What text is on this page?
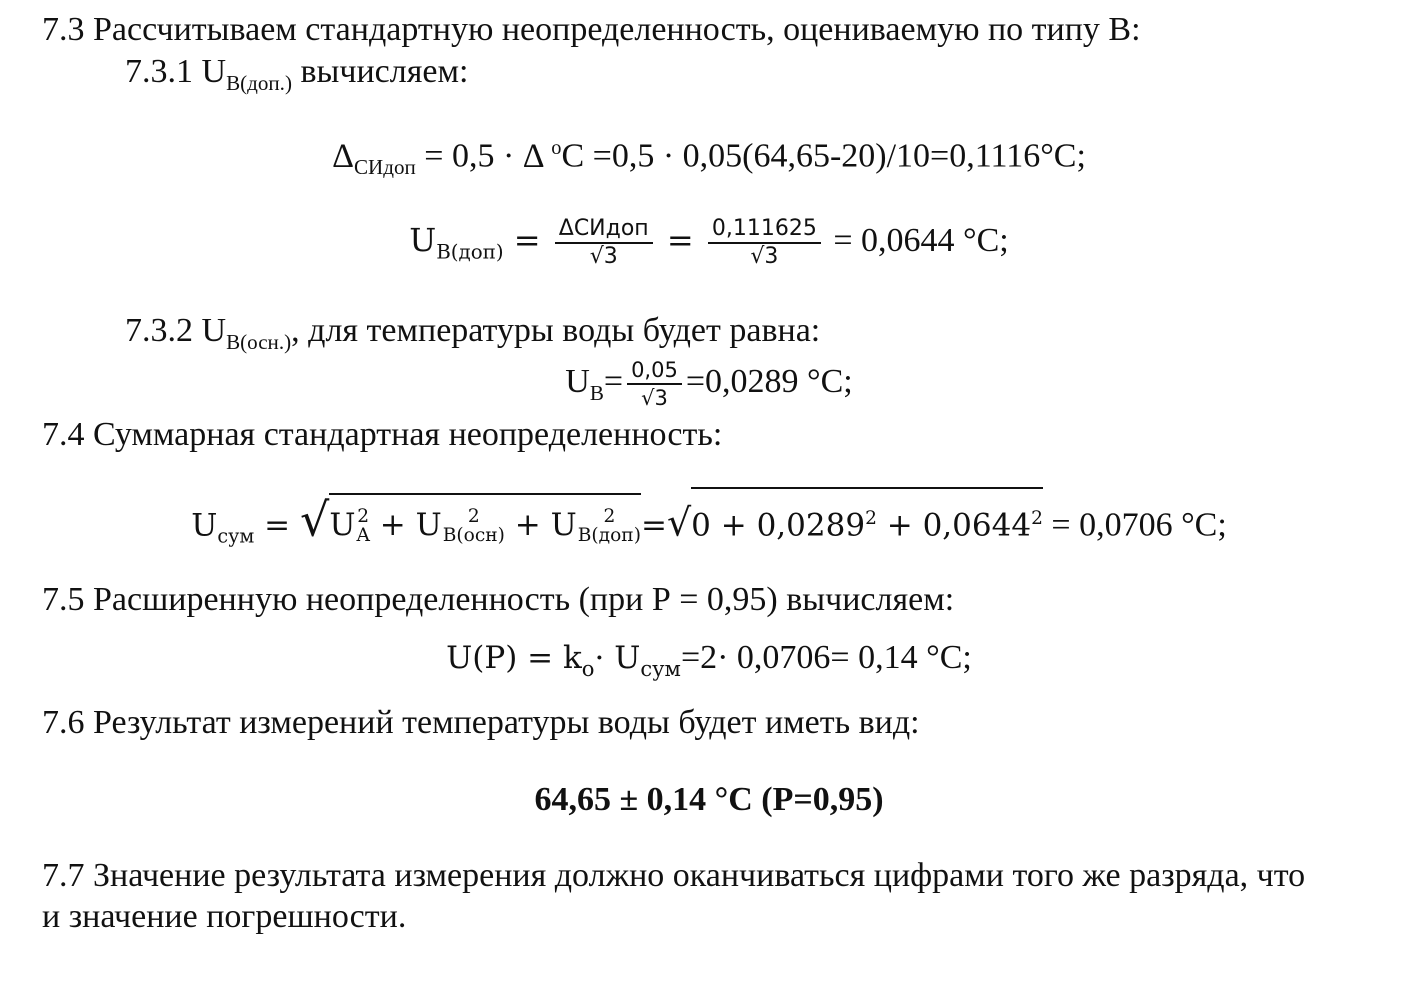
7.3 Рассчитываем стандартную неопределенность, оцениваемую по типу В:
7.3.1 $U_{В(доп.)}$ вычисляем:
$\Delta_{СИдоп} = 0,5 \cdot \Delta$ $^o$С =0,5 · 0,05(64,65-20)/10=0,1116°С;
$U_{В(доп)} = \frac{\text{ΔСИдоп}}{√3} = \frac{0,111625}{√3} = 0,0644$ °С;
7.3.2 $U_{В(осн.)}$, для температуры воды будет равна:
$U_В= \frac{0,05}{√3} =0,0289$ °С;
7.4 Суммарная стандартная неопределенность:
$U_{сум} = √U$ 2
A + U	2
В(осн) + U	2
$В(доп) =√0 + 0,0289^2 + 0,0644^2 = 0,0706$ °С;
7.5 Расширенную неопределенность (при Р = 0,95) вычисляем:
$U(P) = k_o\cdot U_{сум}=2\cdot 0,0706= 0,14$ °С;
7.6 Результат измерений температуры воды будет иметь вид:
64,65 ± 0,14 °С (Р=0,95)
7.7 Значение результата измерения должно оканчиваться цифрами того же разряда, что
и значение погрешности.
